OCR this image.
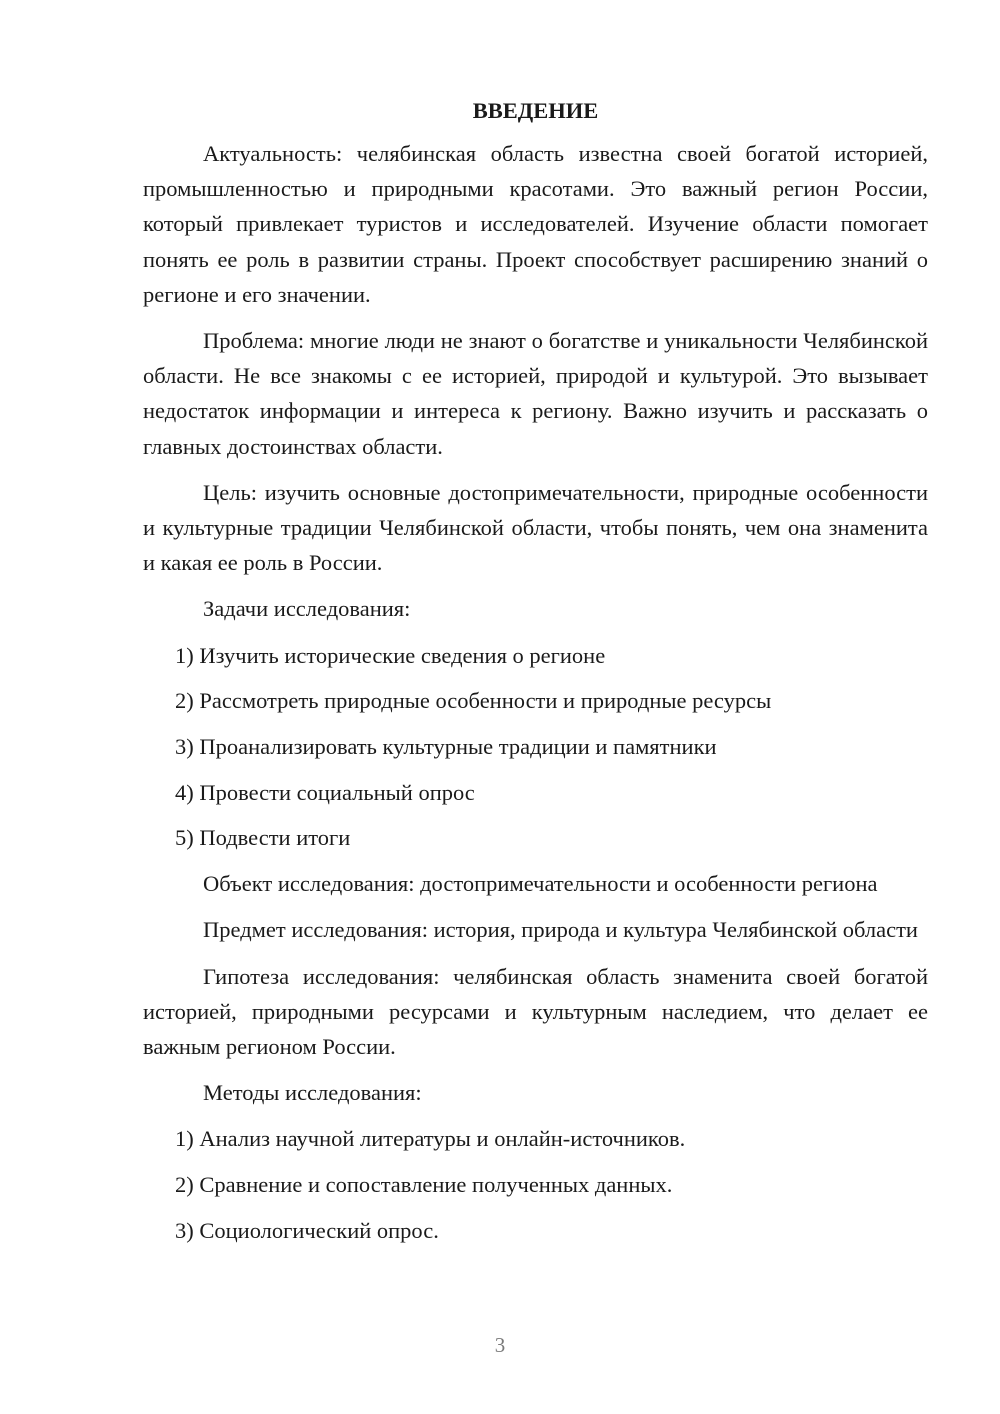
ВВЕДЕНИЕ

Актуальность: челябинская область известна своей богатой историей, промышленностью и природными красотами. Это важный регион России, который привлекает туристов и исследователей. Изучение области помогает понять ее роль в развитии страны. Проект способствует расширению знаний о регионе и его значении.

Проблема: многие люди не знают о богатстве и уникальности Челябинской области. Не все знакомы с ее историей, природой и культурой. Это вызывает недостаток информации и интереса к региону. Важно изучить и рассказать о главных достоинствах области.

Цель: изучить основные достопримечательности, природные особенности и культурные традиции Челябинской области, чтобы понять, чем она знаменита и какая ее роль в России.

Задачи исследования:

1) Изучить исторические сведения о регионе

2) Рассмотреть природные особенности и природные ресурсы

3) Проанализировать культурные традиции и памятники

4) Провести социальный опрос

5) Подвести итоги

Объект исследования: достопримечательности и особенности региона

Предмет исследования: история, природа и культура Челябинской области

Гипотеза исследования: челябинская область знаменита своей богатой историей, природными ресурсами и культурным наследием, что делает ее важным регионом России.

Методы исследования:

1) Анализ научной литературы и онлайн-источников.

2) Сравнение и сопоставление полученных данных.

3) Социологический опрос.

3
